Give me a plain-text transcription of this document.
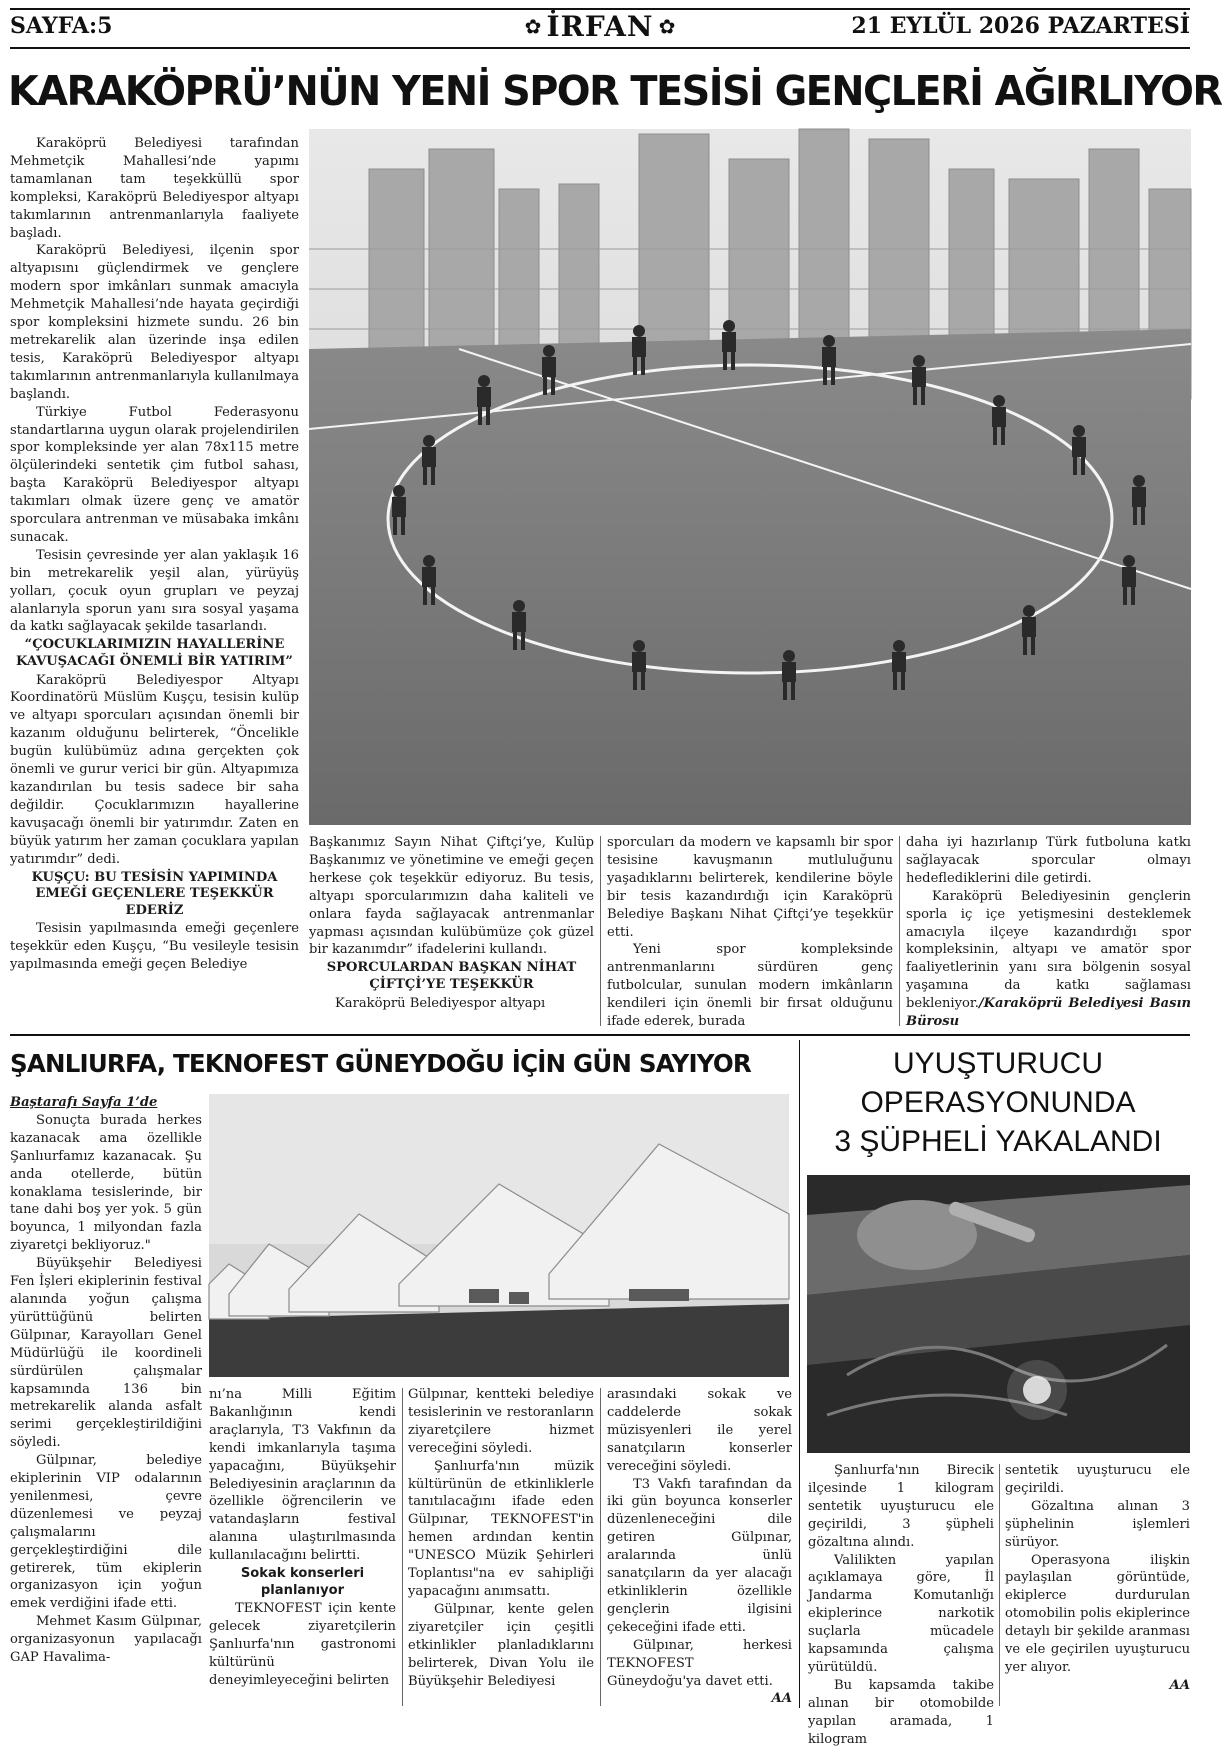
SAYFA:5	✿ İRFAN ✿	21 EYLÜL 2026 PAZARTESİ
KARAKÖPRÜ’NÜN YENİ SPOR TESİSİ GENÇLERİ AĞIRLIYOR

Karaköprü Belediyesi tarafından Mehmetçik Mahallesi’nde yapımı tamamlanan tam teşekküllü spor kompleksi, Karaköprü Belediyespor altyapı takımlarının antrenmanlarıyla faaliyete başladı.

Karaköprü Belediyesi, ilçenin spor altyapısını güçlendirmek ve gençlere modern spor imkânları sunmak amacıyla Mehmetçik Mahallesi’nde hayata geçirdiği spor kompleksini hizmete sundu. 26 bin metrekarelik alan üzerinde inşa edilen tesis, Karaköprü Belediyespor altyapı takımlarının antrenmanlarıyla kullanılmaya başlandı.

Türkiye Futbol Federasyonu standartlarına uygun olarak projelendirilen spor kompleksinde yer alan 78x115 metre ölçülerindeki sentetik çim futbol sahası, başta Karaköprü Belediyespor altyapı takımları olmak üzere genç ve amatör sporculara antrenman ve müsabaka imkânı sunacak.

Tesisin çevresinde yer alan yaklaşık 16 bin metrekarelik yeşil alan, yürüyüş yolları, çocuk oyun grupları ve peyzaj alanlarıyla sporun yanı sıra sosyal yaşama da katkı sağlayacak şekilde tasarlandı.

“ÇOCUKLARIMIZIN HAYALLERİNE KAVUŞACAĞI ÖNEMLİ BİR YATIRIM”

Karaköprü Belediyespor Altyapı Koordinatörü Müslüm Kuşçu, tesisin kulüp ve altyapı sporcuları açısından önemli bir kazanım olduğunu belirterek, “Öncelikle bugün kulübümüz adına gerçekten çok önemli ve gurur verici bir gün. Altyapımıza kazandırılan bu tesis sadece bir saha değildir. Çocuklarımızın hayallerine kavuşacağı önemli bir yatırımdır. Zaten en büyük yatırım her zaman çocuklara yapılan yatırımdır” dedi.

KUŞÇU: BU TESİSİN YAPIMINDA EMEĞİ GEÇENLERE TEŞEKKÜR EDERİZ

Tesisin yapılmasında emeği geçenlere teşekkür eden Kuşçu, “Bu vesileyle tesisin yapılmasında emeği geçen Belediye

Başkanımız Sayın Nihat Çiftçi’ye, Kulüp Başkanımız ve yönetimine ve emeği geçen herkese çok teşekkür ediyoruz. Bu tesis, altyapı sporcularımızın daha kaliteli ve onlara fayda sağlayacak antrenmanlar yapması açısından kulübümüze çok güzel bir kazanımdır” ifadelerini kullandı.

SPORCULARDAN BAŞKAN NİHAT ÇİFTÇİ’YE TEŞEKKÜR

Karaköprü Belediyespor altyapı

sporcuları da modern ve kapsamlı bir spor tesisine kavuşmanın mutluluğunu yaşadıklarını belirterek, kendilerine böyle bir tesis kazandırdığı için Karaköprü Belediye Başkanı Nihat Çiftçi’ye teşekkür etti.

Yeni spor kompleksinde antrenmanlarını sürdüren genç futbolcular, sunulan modern imkânların kendileri için önemli bir fırsat olduğunu ifade ederek, burada

daha iyi hazırlanıp Türk futboluna katkı sağlayacak sporcular olmayı hedeflediklerini dile getirdi.

Karaköprü Belediyesinin gençlerin sporla iç içe yetişmesini desteklemek amacıyla ilçeye kazandırdığı spor kompleksinin, altyapı ve amatör spor faaliyetlerinin yanı sıra bölgenin sosyal yaşamına da katkı sağlaması bekleniyor./Karaköprü Belediyesi Basın Bürosu

ŞANLIURFA, TEKNOFEST GÜNEYDOĞU İÇİN GÜN SAYIYOR

Baştarafı Sayfa 1’de

Sonuçta burada herkes kazanacak ama özellikle Şanlıurfamız kazanacak. Şu anda otellerde, bütün konaklama tesislerinde, bir tane dahi boş yer yok. 5 gün boyunca, 1 milyondan fazla ziyaretçi bekliyoruz."

Büyükşehir Belediyesi Fen İşleri ekiplerinin festival alanında yoğun çalışma yürüttüğünü belirten Gülpınar, Karayolları Genel Müdürlüğü ile koordineli sürdürülen çalışmalar kapsamında 136 bin metrekarelik alanda asfalt serimi gerçekleştirildiğini söyledi.

Gülpınar, belediye ekiplerinin VIP odalarının yenilenmesi, çevre düzenlemesi ve peyzaj çalışmalarını gerçekleştirdiğini dile getirerek, tüm ekiplerin organizasyon için yoğun emek verdiğini ifade etti.

Mehmet Kasım Gülpınar, organizasyonun yapılacağı GAP Havalima-

nı’na Milli Eğitim Bakanlığının kendi araçlarıyla, T3 Vakfının da kendi imkanlarıyla taşıma yapacağını, Büyükşehir Belediyesinin araçlarının da özellikle öğrencilerin ve vatandaşların festival alanına ulaştırılmasında kullanılacağını belirtti.

Sokak konserleri planlanıyor

TEKNOFEST için kente gelecek ziyaretçilerin Şanlıurfa'nın gastronomi kültürünü deneyimleyeceğini belirten

Gülpınar, kentteki belediye tesislerinin ve restoranların ziyaretçilere hizmet vereceğini söyledi.

Şanlıurfa'nın müzik kültürünün de etkinliklerle tanıtılacağını ifade eden Gülpınar, TEKNOFEST'in hemen ardından kentin "UNESCO Müzik Şehirleri Toplantısı"na ev sahipliği yapacağını anımsattı.

Gülpınar, kente gelen ziyaretçiler için çeşitli etkinlikler planladıklarını belirterek, Divan Yolu ile Büyükşehir Belediyesi

arasındaki sokak ve caddelerde sokak müzisyenleri ile yerel sanatçıların konserler vereceğini söyledi.

T3 Vakfı tarafından da iki gün boyunca konserler düzenleneceğini dile getiren Gülpınar, aralarında ünlü sanatçıların da yer alacağı etkinliklerin özellikle gençlerin ilgisini çekeceğini ifade etti.

Gülpınar, herkesi TEKNOFEST Güneydoğu'ya davet etti.

AA

UYUŞTURUCU
OPERASYONUNDA
3 ŞÜPHELİ YAKALANDI

Şanlıurfa'nın Birecik ilçesinde 1 kilogram sentetik uyuşturucu ele geçirildi, 3 şüpheli gözaltına alındı.

Valilikten yapılan açıklamaya göre, İl Jandarma Komutanlığı ekiplerince narkotik suçlarla mücadele kapsamında çalışma yürütüldü.

Bu kapsamda takibe alınan bir otomobilde yapılan aramada, 1 kilogram

sentetik uyuşturucu ele geçirildi.

Gözaltına alınan 3 şüphelinin işlemleri sürüyor.

Operasyona ilişkin paylaşılan görüntüde, ekiplerce durdurulan otomobilin polis ekiplerince detaylı bir şekilde aranması ve ele geçirilen uyuşturucu yer alıyor.

AA
